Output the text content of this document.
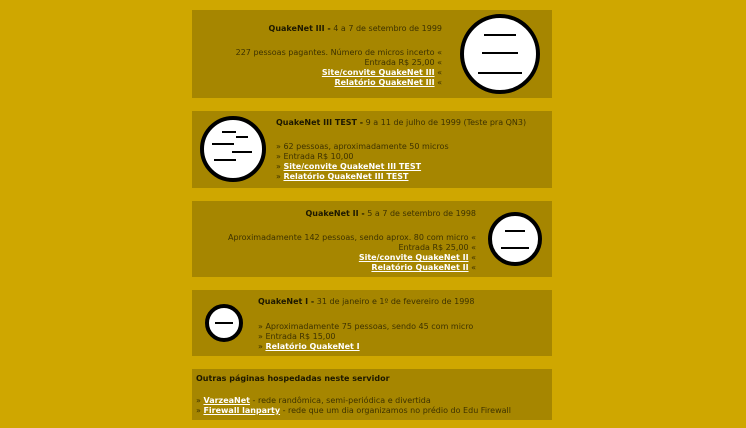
QuakeNet III - 4 a 7 de setembro de 1999
227 pessoas pagantes. Número de micros incerto «
Entrada R$ 25,00 «
Site/convite QuakeNet III «
Relatório QuakeNet III «
QuakeNet III TEST - 9 a 11 de julho de 1999 (Teste pra QN3)
» 62 pessoas, aproximadamente 50 micros
» Entrada R$ 10,00
» Site/convite QuakeNet III TEST
» Relatório QuakeNet III TEST
QuakeNet II - 5 a 7 de setembro de 1998
Aproximadamente 142 pessoas, sendo aprox. 80 com micro «
Entrada R$ 25,00 «
Site/convite QuakeNet II «
Relatório QuakeNet II «
QuakeNet I - 31 de janeiro e 1º de fevereiro de 1998
» Aproximadamente 75 pessoas, sendo 45 com micro
» Entrada R$ 15,00
» Relatório QuakeNet I
Outras páginas hospedadas neste servidor
» VarzeaNet - rede randômica, semi-periódica e divertida
» Firewall lanparty - rede que um dia organizamos no prédio do Edu Firewall
